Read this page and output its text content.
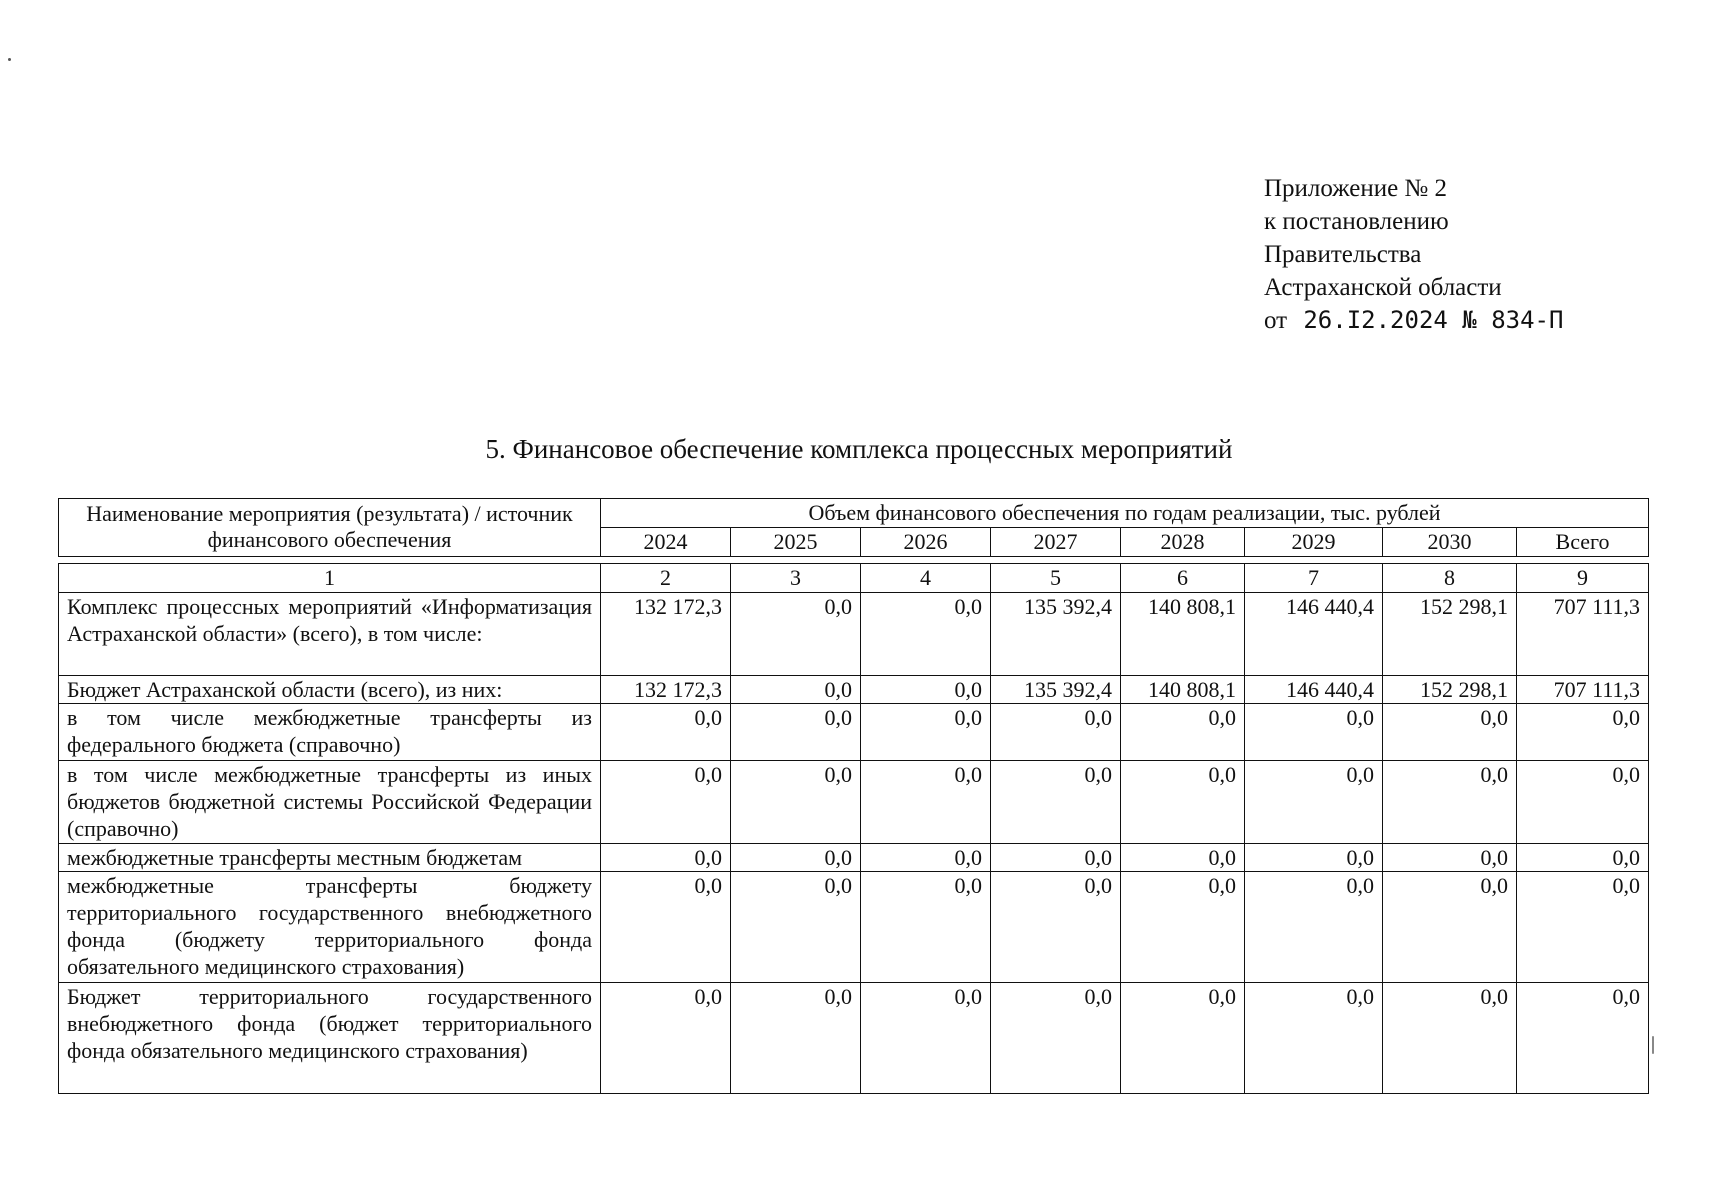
Приложение № 2
к постановлению
Правительства
Астраханской области
от 26.I2.2024 № 834-П
5. Финансовое обеспечение комплекса процессных мероприятий
Наименование мероприятия (результата) / источник финансового обеспечения	Объем финансового обеспечения по годам реализации, тыс. рублей							
	2024	2025	2026	2027	2028	2029	2030	Всего

1	2	3	4	5	6	7	8	9
Комплекс процессных мероприятий «Информатизация Астраханской области» (всего), в том числе:	132 172,3	0,0	0,0	135 392,4	140 808,1	146 440,4	152 298,1	707 111,3
Бюджет Астраханской области (всего), из них:	132 172,3	0,0	0,0	135 392,4	140 808,1	146 440,4	152 298,1	707 111,3
в том числе межбюджетные трансферты из федерального бюджета (справочно)	0,0	0,0	0,0	0,0	0,0	0,0	0,0	0,0
в том числе межбюджетные трансферты из иных бюджетов бюджетной системы Российской Федерации (справочно)	0,0	0,0	0,0	0,0	0,0	0,0	0,0	0,0
межбюджетные трансферты местным бюджетам	0,0	0,0	0,0	0,0	0,0	0,0	0,0	0,0
межбюджетные трансферты бюджету территориального государственного внебюджетного фонда (бюджету территориального фонда обязательного медицинского страхования)	0,0	0,0	0,0	0,0	0,0	0,0	0,0	0,0
Бюджет территориального государственного внебюджетного фонда (бюджет территориального фонда обязательного медицинского страхования)	0,0	0,0	0,0	0,0	0,0	0,0	0,0	0,0
